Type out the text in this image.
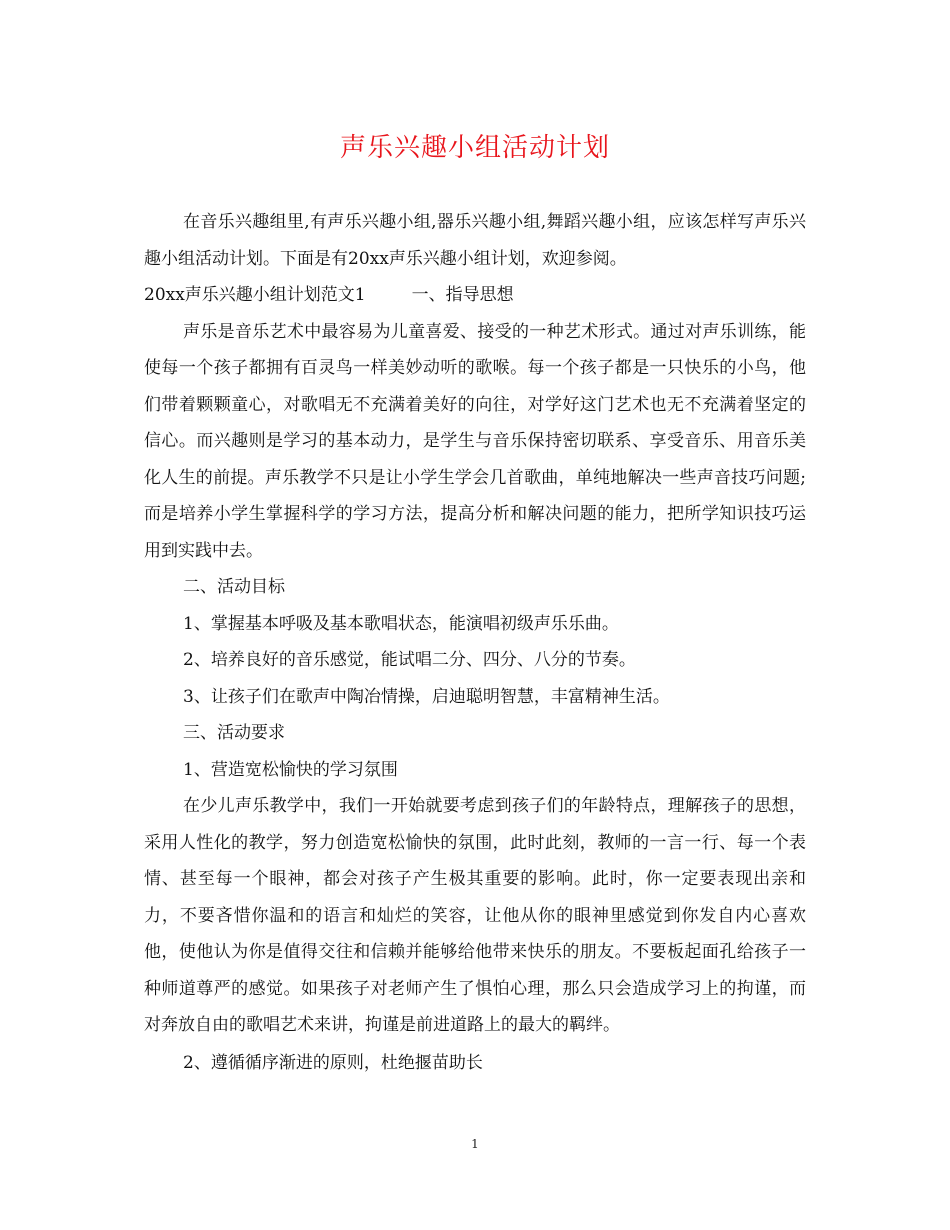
声乐兴趣小组活动计划

在音乐兴趣组里,有声乐兴趣小组,器乐兴趣小组,舞蹈兴趣小组，应该怎样写声乐兴趣小组活动计划。下面是有20xx声乐兴趣小组计划，欢迎参阅。

20xx声乐兴趣小组计划范文1	一、指导思想

声乐是音乐艺术中最容易为儿童喜爱、接受的一种艺术形式。通过对声乐训练，能使每一个孩子都拥有百灵鸟一样美妙动听的歌喉。每一个孩子都是一只快乐的小鸟，他们带着颗颗童心，对歌唱无不充满着美好的向往，对学好这门艺术也无不充满着坚定的信心。而兴趣则是学习的基本动力，是学生与音乐保持密切联系、享受音乐、用音乐美化人生的前提。声乐教学不只是让小学生学会几首歌曲，单纯地解决一些声音技巧问题;而是培养小学生掌握科学的学习方法，提高分析和解决问题的能力，把所学知识技巧运用到实践中去。

二、活动目标

1、掌握基本呼吸及基本歌唱状态，能演唱初级声乐乐曲。

2、培养良好的音乐感觉，能试唱二分、四分、八分的节奏。

3、让孩子们在歌声中陶冶情操，启迪聪明智慧，丰富精神生活。

三、活动要求

1、营造宽松愉快的学习氛围

在少儿声乐教学中，我们一开始就要考虑到孩子们的年龄特点，理解孩子的思想，采用人性化的教学，努力创造宽松愉快的氛围，此时此刻，教师的一言一行、每一个表情、甚至每一个眼神，都会对孩子产生极其重要的影响。此时，你一定要表现出亲和力，不要吝惜你温和的语言和灿烂的笑容，让他从你的眼神里感觉到你发自内心喜欢他，使他认为你是值得交往和信赖并能够给他带来快乐的朋友。不要板起面孔给孩子一种师道尊严的感觉。如果孩子对老师产生了惧怕心理，那么只会造成学习上的拘谨，而对奔放自由的歌唱艺术来讲，拘谨是前进道路上的最大的羁绊。

2、遵循循序渐进的原则，杜绝揠苗助长

1
